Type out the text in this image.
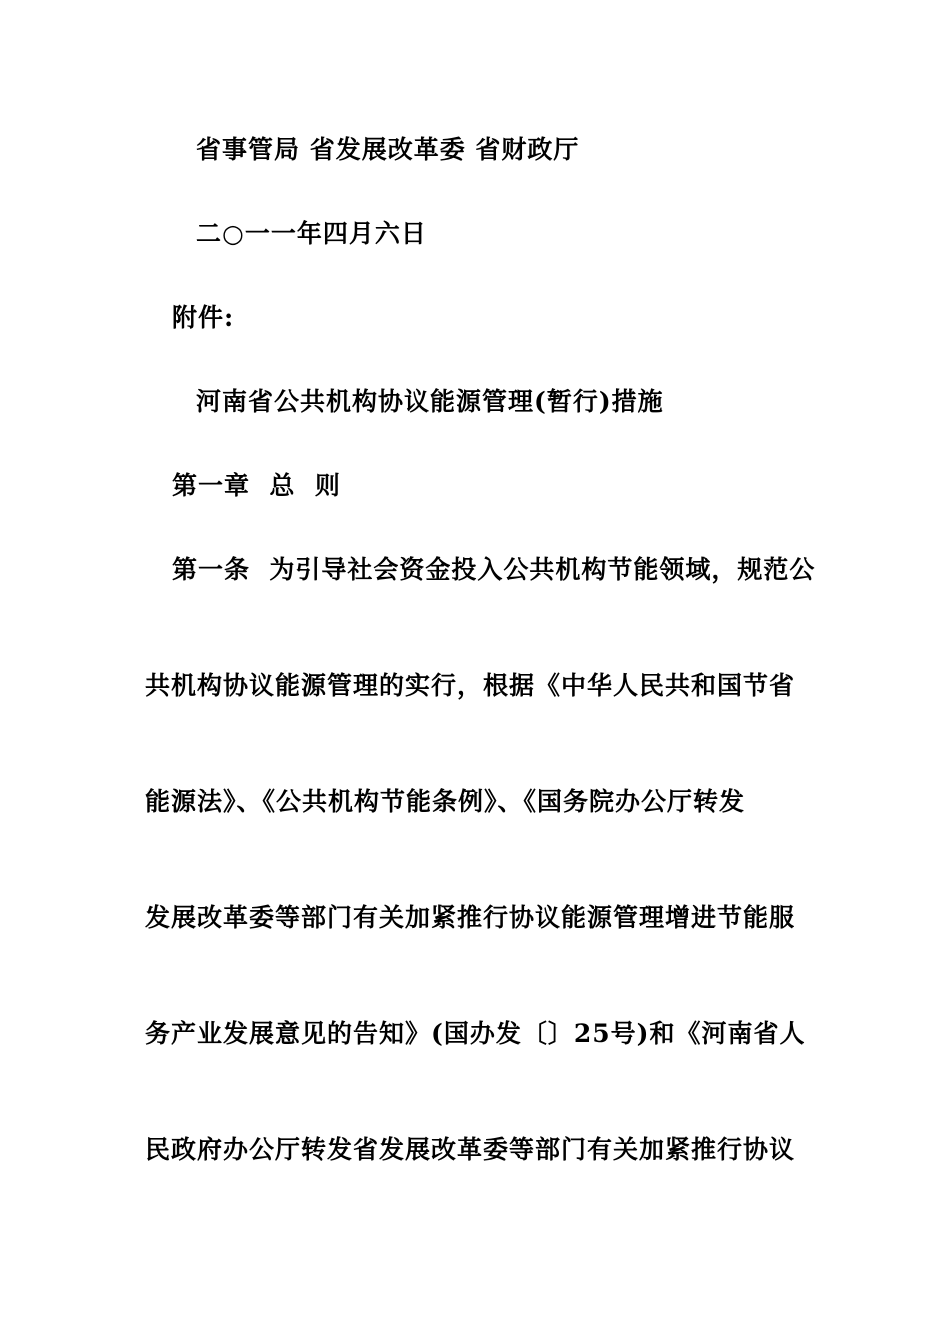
省事管局 省发展改革委 省财政厅
二○一一年四月六日
附件:
河南省公共机构协议能源管理(暂行)措施
第一章  总  则
第一条  为引导社会资金投入公共机构节能领域，规范公
共机构协议能源管理的实行，根据《中华人民共和国节省
能源法》、《公共机构节能条例》、《国务院办公厅转发
发展改革委等部门有关加紧推行协议能源管理增进节能服
务产业发展意见的告知》(国办发〔〕25号)和《河南省人
民政府办公厅转发省发展改革委等部门有关加紧推行协议
